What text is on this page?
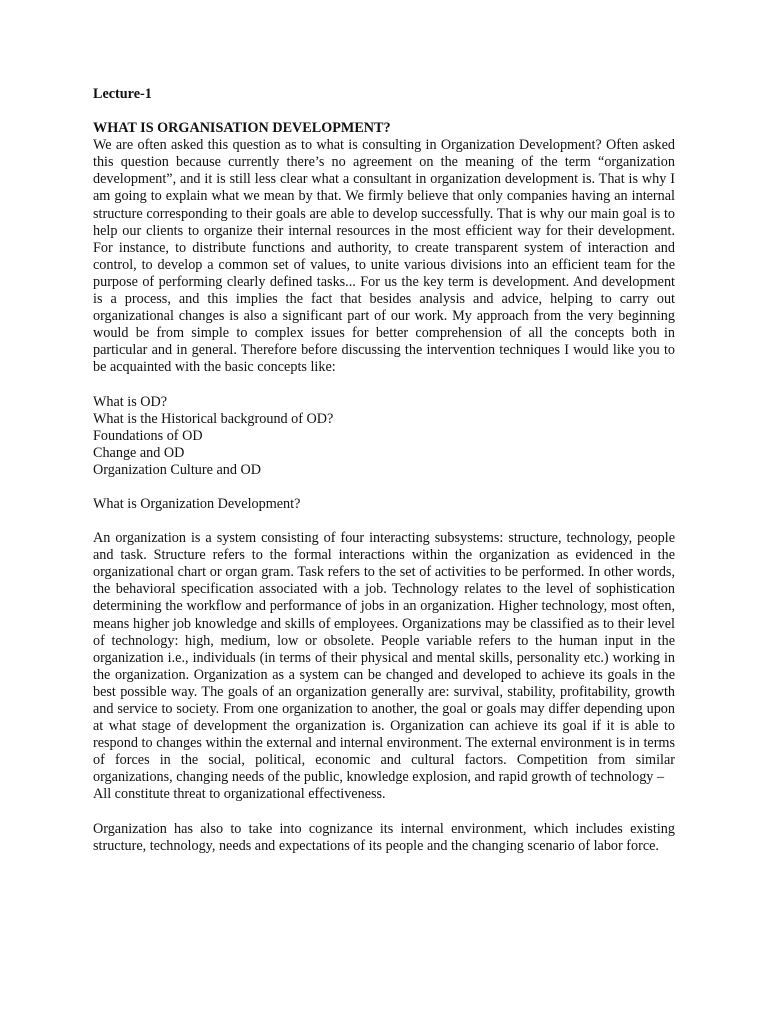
Lecture-1

WHAT IS ORGANISATION DEVELOPMENT?

We are often asked this question as to what is consulting in Organization Development? Often asked this question because currently there’s no agreement on the meaning of the term “organization development”, and it is still less clear what a consultant in organization development is. That is why I am going to explain what we mean by that. We firmly believe that only companies having an internal structure corresponding to their goals are able to develop successfully. That is why our main goal is to help our clients to organize their internal resources in the most efficient way for their development. For instance, to distribute functions and authority, to create transparent system of interaction and control, to develop a common set of values, to unite various divisions into an efficient team for the purpose of performing clearly defined tasks... For us the key term is development. And development is a process, and this implies the fact that besides analysis and advice, helping to carry out organizational changes is also a significant part of our work. My approach from the very beginning would be from simple to complex issues for better comprehension of all the concepts both in particular and in general. Therefore before discussing the intervention techniques I would like you to be acquainted with the basic concepts like:

What is OD?

What is the Historical background of OD?

Foundations of OD

Change and OD

Organization Culture and OD

What is Organization Development?

An organization is a system consisting of four interacting subsystems: structure, technology, people and task. Structure refers to the formal interactions within the organization as evidenced in the organizational chart or organ gram. Task refers to the set of activities to be performed. In other words, the behavioral specification associated with a job. Technology relates to the level of sophistication determining the workflow and performance of jobs in an organization. Higher technology, most often, means higher job knowledge and skills of employees. Organizations may be classified as to their level of technology: high, medium, low or obsolete. People variable refers to the human input in the organization i.e., individuals (in terms of their physical and mental skills, personality etc.) working in the organization. Organization as a system can be changed and developed to achieve its goals in the best possible way. The goals of an organization generally are: survival, stability, profitability, growth and service to society. From one organization to another, the goal or goals may differ depending upon at what stage of development the organization is. Organization can achieve its goal if it is able to respond to changes within the external and internal environment. The external environment is in terms of forces in the social, political, economic and cultural factors. Competition from similar organizations, changing needs of the public, knowledge explosion, and rapid growth of technology –

All constitute threat to organizational effectiveness.

Organization has also to take into cognizance its internal environment, which includes existing structure, technology, needs and expectations of its people and the changing scenario of labor force.
